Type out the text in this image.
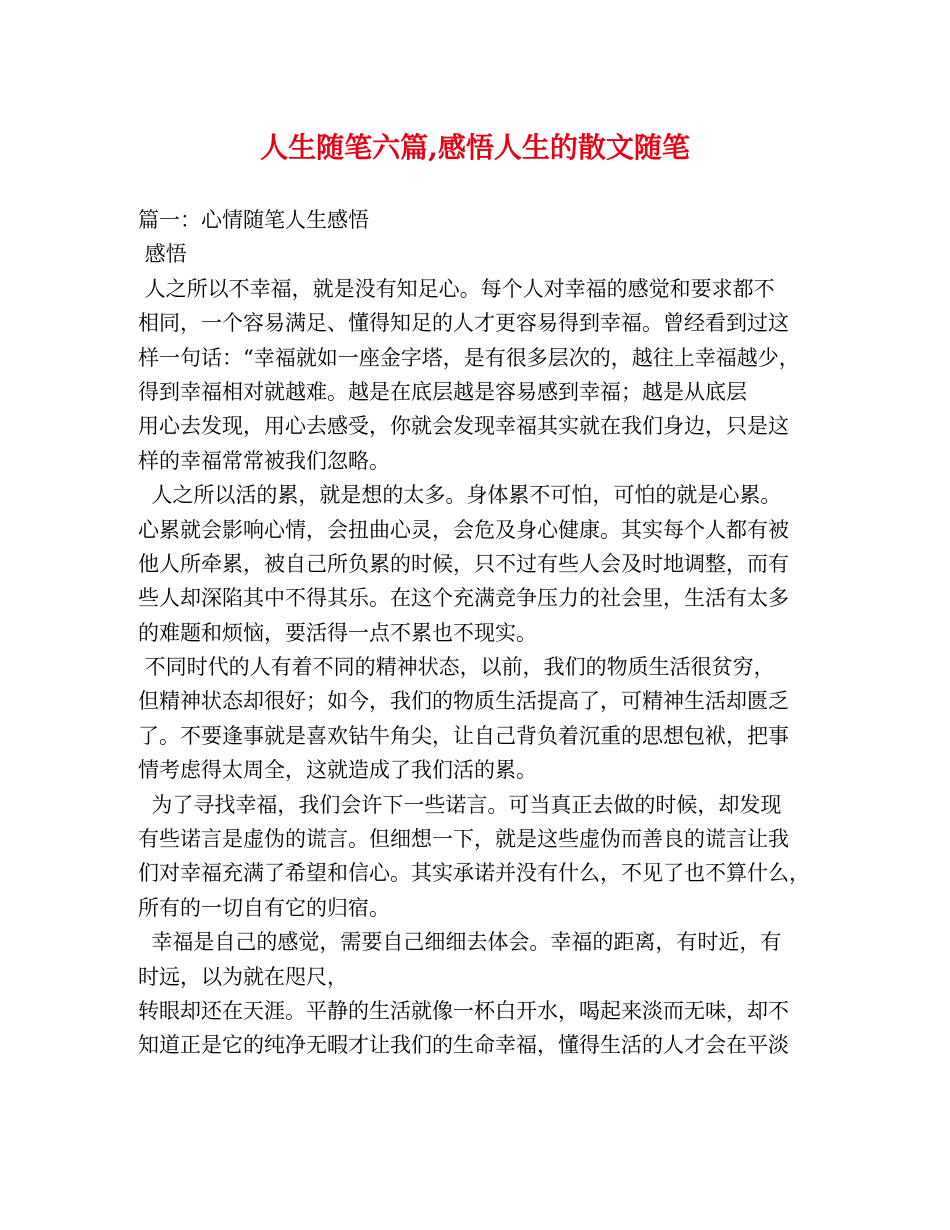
人生随笔六篇,感悟人生的散文随笔
篇一：心情随笔人生感悟
感悟
人之所以不幸福，就是没有知足心。每个人对幸福的感觉和要求都不
相同，一个容易满足、懂得知足的人才更容易得到幸福。曾经看到过这
样一句话：“幸福就如一座金字塔，是有很多层次的，越往上幸福越少，
得到幸福相对就越难。越是在底层越是容易感到幸福；越是从底层
用心去发现，用心去感受，你就会发现幸福其实就在我们身边，只是这
样的幸福常常被我们忽略。
人之所以活的累，就是想的太多。身体累不可怕，可怕的就是心累。
心累就会影响心情，会扭曲心灵，会危及身心健康。其实每个人都有被
他人所牵累，被自己所负累的时候，只不过有些人会及时地调整，而有
些人却深陷其中不得其乐。在这个充满竞争压力的社会里，生活有太多
的难题和烦恼，要活得一点不累也不现实。
不同时代的人有着不同的精神状态，以前，我们的物质生活很贫穷，
但精神状态却很好；如今，我们的物质生活提高了，可精神生活却匮乏
了。不要逢事就是喜欢钻牛角尖，让自己背负着沉重的思想包袱，把事
情考虑得太周全，这就造成了我们活的累。
为了寻找幸福，我们会许下一些诺言。可当真正去做的时候，却发现
有些诺言是虚伪的谎言。但细想一下，就是这些虚伪而善良的谎言让我
们对幸福充满了希望和信心。其实承诺并没有什么，不见了也不算什么，
所有的一切自有它的归宿。
幸福是自己的感觉，需要自己细细去体会。幸福的距离，有时近，有
时远，以为就在咫尺，
转眼却还在天涯。平静的生活就像一杯白开水，喝起来淡而无味，却不
知道正是它的纯净无暇才让我们的生命幸福，懂得生活的人才会在平淡
